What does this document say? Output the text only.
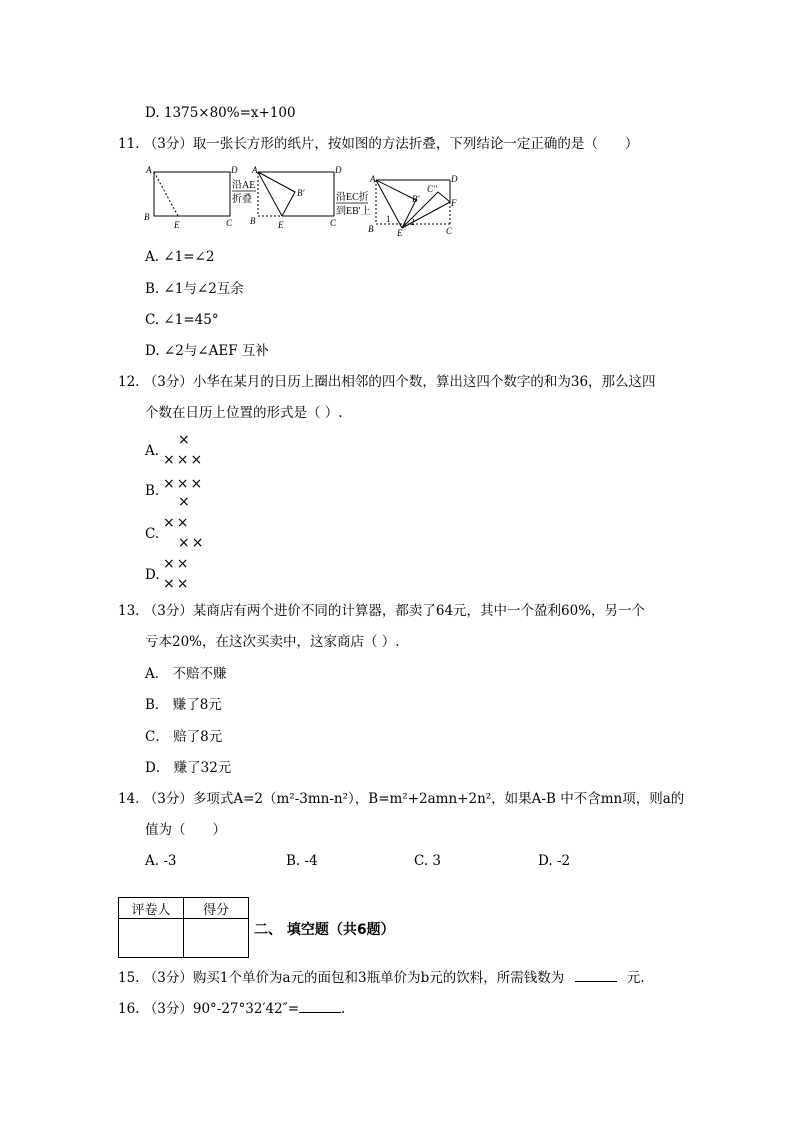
D. 1375×80%=x+100
11. （3分）取一张长方形的纸片，按如图的方法折叠，下列结论一定正确的是（　　）
A	D
B
E	C
沿AE
折叠
A	D
B
B'
E	C
沿EC折
到EB'上
A	D
C''
B'	F
1 2
B	E	C
A. ∠1=∠2
B. ∠1与∠2互余
C. ∠1=45°
D. ∠2与∠AEF 互补
12. （3分）小华在某月的日历上圈出相邻的四个数，算出这四个数字的和为36，那么这四
个数在日历上位置的形式是（ ）.
A.
×
×××
B. ×××
×
C.
××
××
D.
××
××
13. （3分）某商店有两个进价不同的计算器，都卖了64元，其中一个盈利60%，另一个
亏本20%，在这次买卖中，这家商店（ ）.
A． 不赔不赚
B． 赚了8元
C． 赔了8元
D． 赚了32元
14. （3分）多项式A=2（m²-3mn-n²），B=m²+2amn+2n²，如果A-B 中不含mn项，则a的
值为（　　）
A. -3	B. -4	C. 3	D. -2
评卷人	得分

二、 填空题（共6题）
15. （3分）购买1个单价为a元的面包和3瓶单价为b元的饮料，所需钱数为	元.
16. （3分）90°-27°32′42″=	.
